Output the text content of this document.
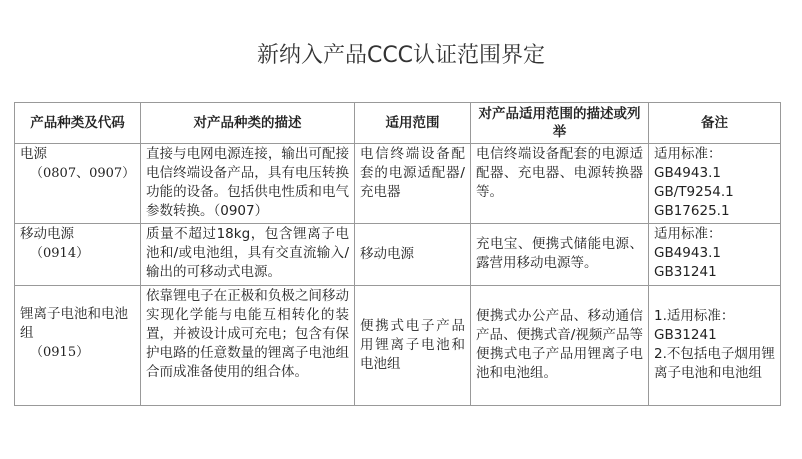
新纳入产品CCC认证范围界定
产品种类及代码	对产品种类的描述	适用范围	对产品适用范围的描述或列举	备注

电源
（0807、0907）	直接与电网电源连接，输出可配接电信终端设备产品，具有电压转换功能的设备。包括供电性质和电气参数转换。（0907）	电信终端设备配套的电源适配器/充电器	电信终端设备配套的电源适配器、充电器、电源转换器等。	适用标准：
GB4943.1
GB/T9254.1
GB17625.1

移动电源
（0914）	质量不超过18kg，包含锂离子电池和/或电池组，具有交直流输入/输出的可移动式电源。	移动电源	充电宝、便携式储能电源、露营用移动电源等。	适用标准：
GB4943.1
GB31241

锂离子电池和电池组
（0915）	依靠锂电子在正极和负极之间移动实现化学能与电能互相转化的装置，并被设计成可充电；包含有保护电路的任意数量的锂离子电池组合而成准备使用的组合体。	便携式电子产品用锂离子电池和电池组	便携式办公产品、移动通信产品、便携式音/视频产品等便携式电子产品用锂离子电池和电池组。	1.适用标准：
GB31241
2.不包括电子烟用锂离子电池和电池组
